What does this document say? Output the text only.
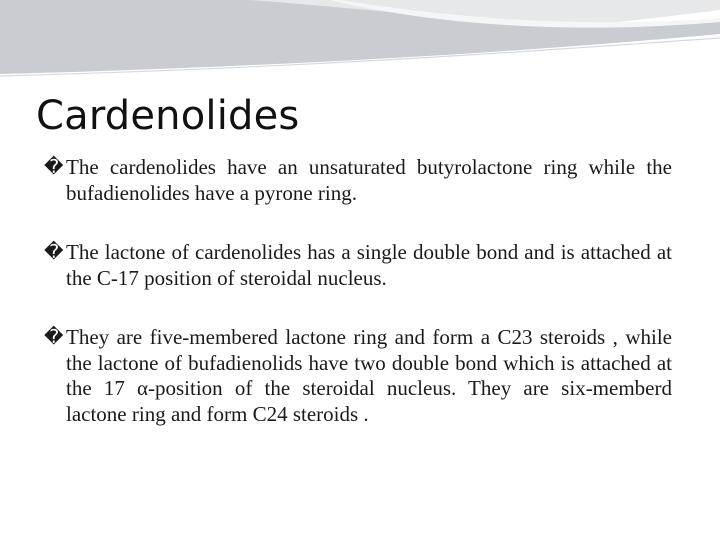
Cardenolides
� The cardenolides have an unsaturated butyrolactone ring while the bufadienolides have a pyrone ring.
� The lactone of cardenolides has a single double bond and is attached at the C-17 position of steroidal nucleus.
� They are five-membered lactone ring and form a C23 steroids , while the lactone of bufadienolids have two double bond which is attached at the 17 α-position of the steroidal nucleus. They are six-memberd lactone ring and form C24 steroids .
